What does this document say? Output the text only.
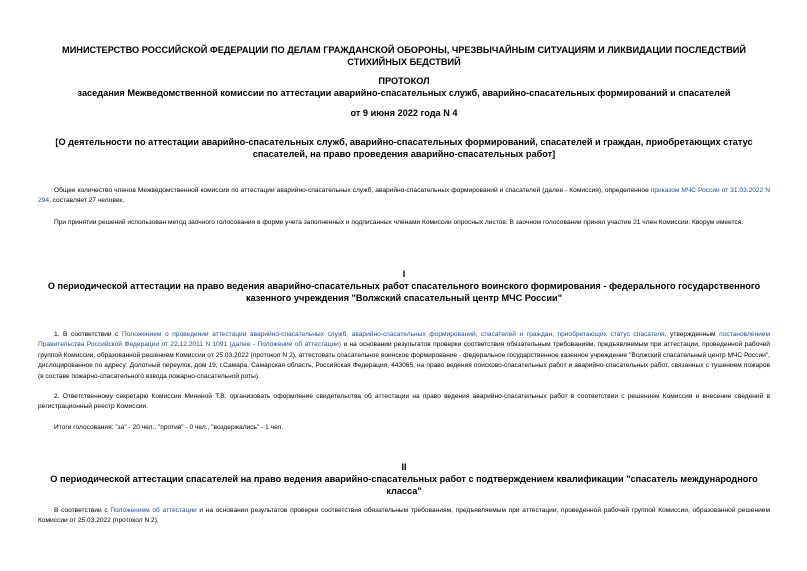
МИНИСТЕРСТВО РОССИЙСКОЙ ФЕДЕРАЦИИ ПО ДЕЛАМ ГРАЖДАНСКОЙ ОБОРОНЫ, ЧРЕЗВЫЧАЙНЫМ СИТУАЦИЯМ И ЛИКВИДАЦИИ ПОСЛЕДСТВИЙ СТИХИЙНЫХ БЕДСТВИЙ
ПРОТОКОЛ
заседания Межведомственной комиссии по аттестации аварийно-спасательных служб, аварийно-спасательных формирований и спасателей
от 9 июня 2022 года N 4
[О деятельности по аттестации аварийно-спасательных служб, аварийно-спасательных формирований, спасателей и граждан, приобретающих статус спасателей, на право проведения аварийно-спасательных работ]
Общее количество членов Межведомственной комиссии по аттестации аварийно-спасательных служб, аварийно-спасательных формирований и спасателей (далее - Комиссия), определенное приказом МЧС России от 31.03.2022 N 294, составляет 27 человек.
При принятии решений использован метод заочного голосования в форме учета заполненных и подписанных членами Комиссии опросных листов. В заочном голосовании принял участие 21 член Комиссии. Кворум имеется.
I
О периодической аттестации на право ведения аварийно-спасательных работ спасательного воинского формирования - федерального государственного казенного учреждения "Волжский спасательный центр МЧС России"
1. В соответствии с Положением о проведении аттестации аварийно-спасательных служб, аварийно-спасательных формирований, спасателей и граждан, приобретающих статус спасателя, утвержденным постановлением Правительства Российской Федерации от 22.12.2011 N 1091 (далее - Положение об аттестации) и на основании результатов проверки соответствия обязательным требованиям, предъявляемым при аттестации, проведенной рабочей группой Комиссии, образованной решением Комиссии от 25.03.2022 (протокол N 2), аттестовать спасательное воинское формирование - федеральное государственное казенное учреждение "Волжский спасательный центр МЧС России", дислоцированное по адресу: Долотный переулок, дом 19, г.Самара, Самарская область, Российская Федерация, 443065, на право ведения поисково-спасательных работ и аварийно-спасательных работ, связанных с тушением пожаров (в составе пожарно-спасательного взвода пожарно-спасательной роты).
2. Ответственному секретарю Комиссии Мининой Т.В. организовать оформление свидетельства об аттестации на право ведения аварийно-спасательных работ в соответствии с решением Комиссии и внесение сведений в регистрационный реестр Комиссии.
Итоги голосования: "за" - 20 чел., "против" - 0 чел., "воздержались" - 1 чел.
II
О периодической аттестации спасателей на право ведения аварийно-спасательных работ с подтверждением квалификации "спасатель международного класса"
В соответствии с Положением об аттестации и на основании результатов проверки соответствия обязательным требованиям, предъявляемым при аттестации, проведенной рабочей группой Комиссии, образованной решением Комиссии от 25.03.2022 (протокол N 2),
